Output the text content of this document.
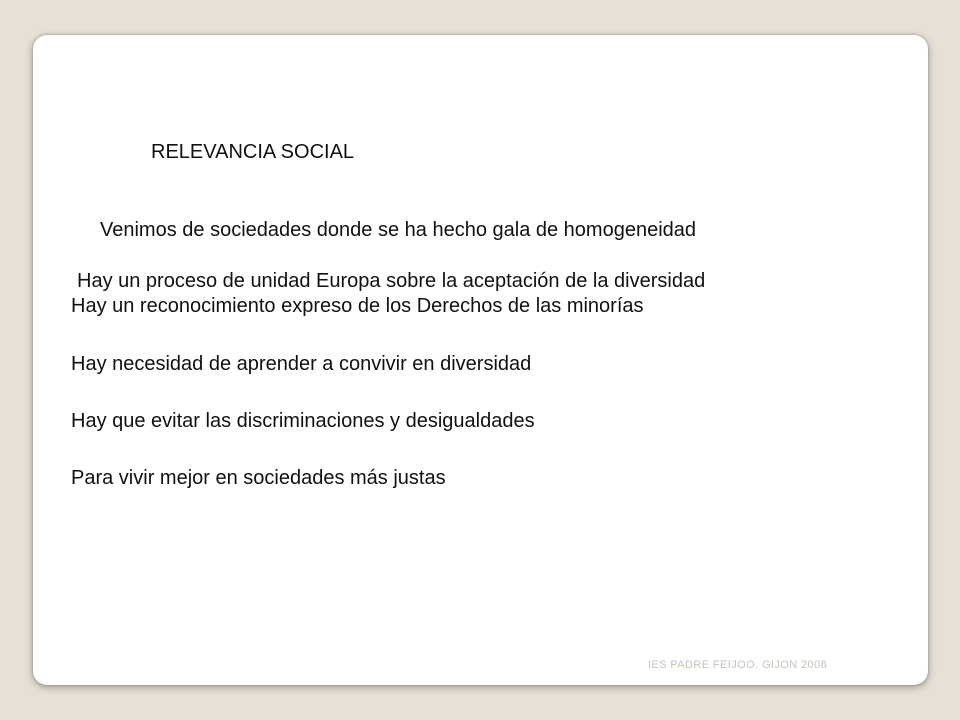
RELEVANCIA SOCIAL
Venimos de sociedades donde se ha hecho gala de homogeneidad
Hay un proceso de unidad Europa sobre la aceptación de la diversidad
Hay un reconocimiento expreso de los Derechos de las minorías
Hay necesidad de aprender a convivir en diversidad
Hay que evitar las discriminaciones y desigualdades
Para vivir mejor en sociedades más justas
IES PADRE FEIJOO. GIJON 2008
